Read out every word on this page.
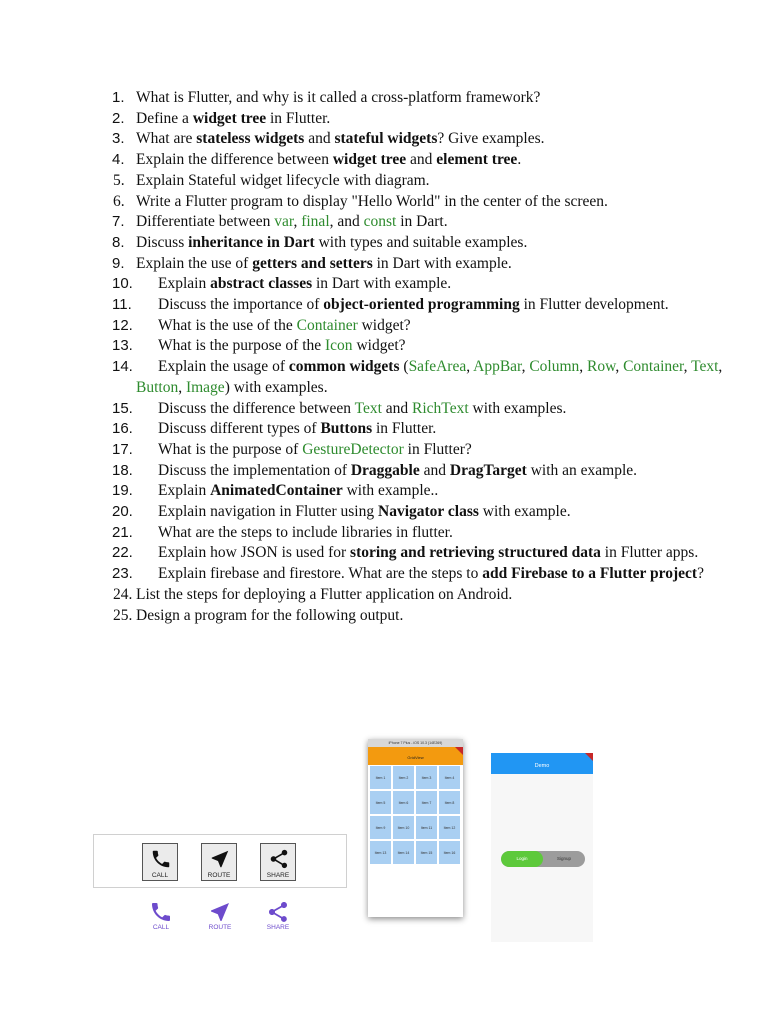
1. What is Flutter, and why is it called a cross-platform framework?
2. Define a widget tree in Flutter.
3. What are stateless widgets and stateful widgets? Give examples.
4. Explain the difference between widget tree and element tree.
5. Explain Stateful widget lifecycle with diagram.
6. Write a Flutter program to display "Hello World" in the center of the screen.
7. Differentiate between var, final, and const in Dart.
8. Discuss inheritance in Dart with types and suitable examples.
9. Explain the use of getters and setters in Dart with example.
10. Explain abstract classes in Dart with example.
11. Discuss the importance of object-oriented programming in Flutter development.
12. What is the use of the Container widget?
13. What is the purpose of the Icon widget?
14. Explain the usage of common widgets (SafeArea, AppBar, Column, Row, Container, Text, Button, Image) with examples.
15. Discuss the difference between Text and RichText with examples.
16. Discuss different types of Buttons in Flutter.
17. What is the purpose of GestureDetector in Flutter?
18. Discuss the implementation of Draggable and DragTarget with an example.
19. Explain AnimatedContainer with example..
20. Explain navigation in Flutter using Navigator class with example.
21. What are the steps to include libraries in flutter.
22. Explain how JSON is used for storing and retrieving structured data in Flutter apps.
23. Explain firebase and firestore. What are the steps to add Firebase to a Flutter project?
24. List the steps for deploying a Flutter application on Android.
25. Design a program for the following output.
CALL	ROUTE	SHARE
CALL	ROUTE	SHARE
iPhone 7 Plus - iOS 10.3 (14E269)
GridView
Item 1	Item 2	Item 3	Item 4
Item 5	Item 6	Item 7	Item 8
Item 9	Item 10	Item 11	Item 12
Item 13	Item 14	Item 15	Item 16
Demo
Login	Signup
